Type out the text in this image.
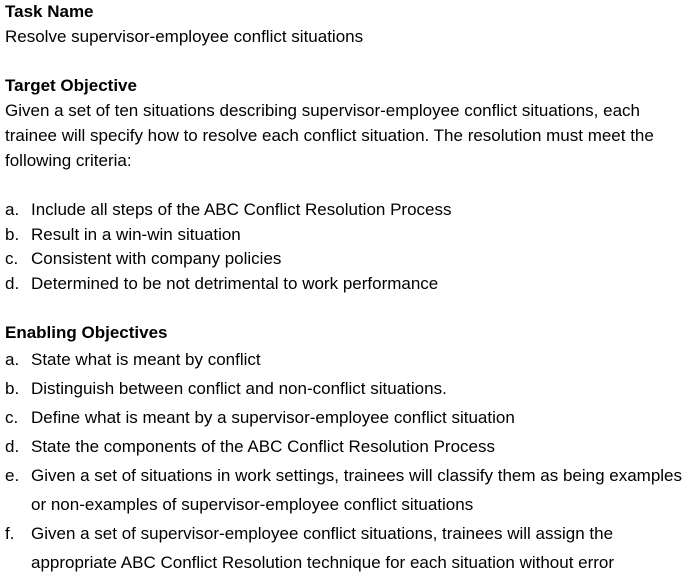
Task Name

Resolve supervisor-employee conflict situations

Target Objective

Given a set of ten situations describing supervisor-employee conflict situations, each trainee will specify how to resolve each conflict situation. The resolution must meet the following criteria:

a. Include all steps of the ABC Conflict Resolution Process
b. Result in a win-win situation
c. Consistent with company policies
d. Determined to be not detrimental to work performance

Enabling Objectives

a. State what is meant by conflict
b. Distinguish between conflict and non-conflict situations.
c. Define what is meant by a supervisor-employee conflict situation
d. State the components of the ABC Conflict Resolution Process
e. Given a set of situations in work settings, trainees will classify them as being examples or non-examples of supervisor-employee conflict situations
f. Given a set of supervisor-employee conflict situations, trainees will assign the appropriate ABC Conflict Resolution technique for each situation without error
